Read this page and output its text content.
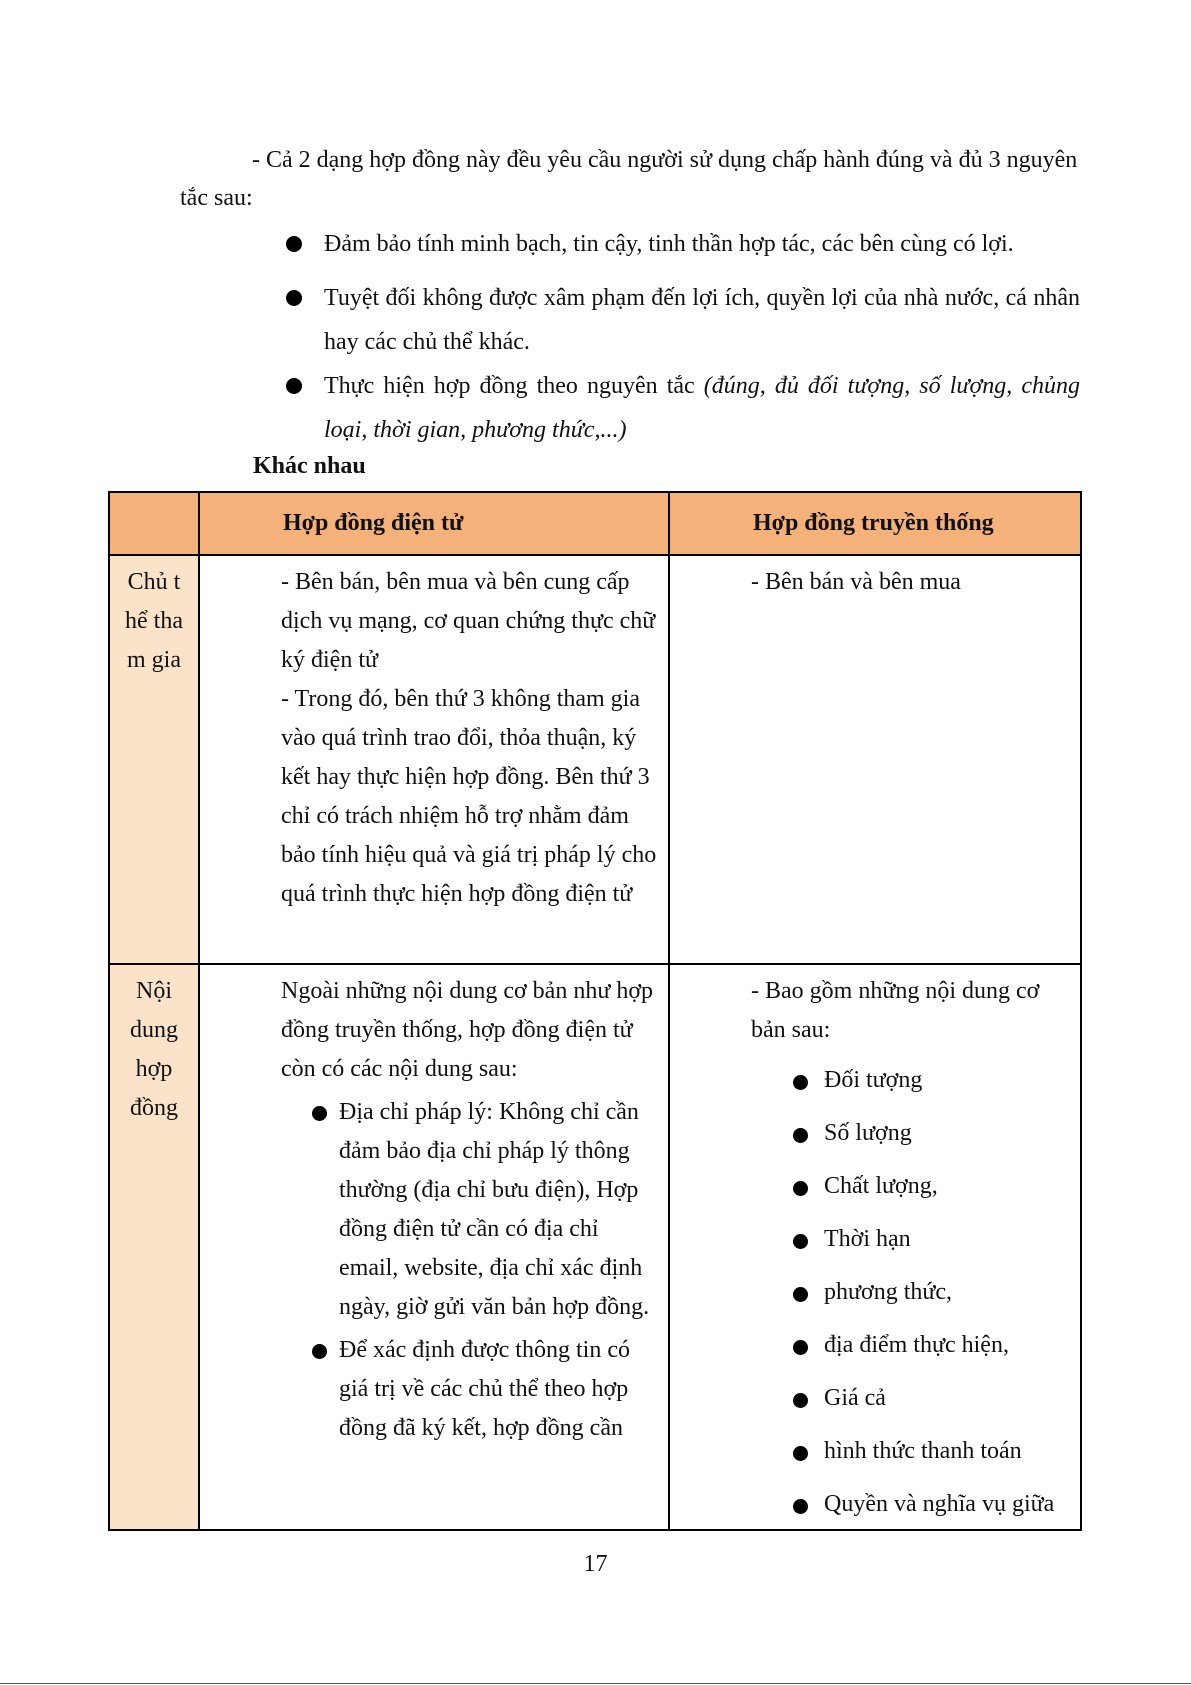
- Cả 2 dạng hợp đồng này đều yêu cầu người sử dụng chấp hành đúng và đủ 3 nguyên tắc sau:

Đảm bảo tính minh bạch, tin cậy, tinh thần hợp tác, các bên cùng có lợi.
Tuyệt đối không được xâm phạm đến lợi ích, quyền lợi của nhà nước, cá nhân hay các chủ thể khác.
Thực hiện hợp đồng theo nguyên tắc (đúng, đủ đối tượng, số lượng, chủng loại, thời gian, phương thức,...)

Khác nhau

Hợp đồng điện tử	Hợp đồng truyền thống

Chủ thể tham gia

- Bên bán, bên mua và bên cung cấp dịch vụ mạng, cơ quan chứng thực chữ ký điện tử

- Trong đó, bên thứ 3 không tham gia vào quá trình trao đổi, thỏa thuận, ký kết hay thực hiện hợp đồng. Bên thứ 3 chỉ có trách nhiệm hỗ trợ nhằm đảm bảo tính hiệu quả và giá trị pháp lý cho quá trình thực hiện hợp đồng điện tử

- Bên bán và bên mua

Nội dung hợp đồng

Ngoài những nội dung cơ bản như hợp đồng truyền thống, hợp đồng điện tử còn có các nội dung sau:

Địa chỉ pháp lý: Không chỉ cần đảm bảo địa chỉ pháp lý thông thường (địa chỉ bưu điện), Hợp đồng điện tử cần có địa chỉ email, website, địa chỉ xác định ngày, giờ gửi văn bản hợp đồng.
Để xác định được thông tin có giá trị về các chủ thể theo hợp đồng đã ký kết, hợp đồng cần

- Bao gồm những nội dung cơ bản sau:

Đối tượng
Số lượng
Chất lượng,
Thời hạn
phương thức,
địa điểm thực hiện,
Giá cả
hình thức thanh toán
Quyền và nghĩa vụ giữa

17
